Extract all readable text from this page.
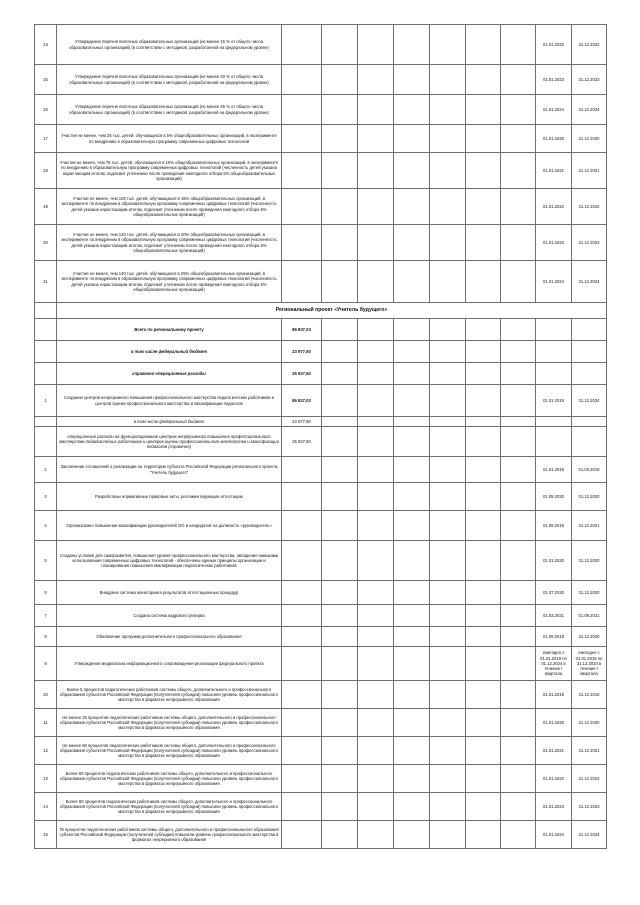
14	Утверждение перечня пилотных образовательных организаций (не менее 15 % от общего числа образовательных организаций) (в соответствии с методикой, разработанной на федеральном уровне)								01.01.2022	31.12.2022
15	Утверждение перечня пилотных образовательных организаций (не менее 20 % от общего числа образовательных организаций) (в соответствии с методикой, разработанной на федеральном уровне)								01.01.2023	31.12.2023
16	Утверждение перечня пилотных образовательных организаций (не менее 25 % от общего числа образовательных организаций) (в соответствии с методикой, разработанной на федеральном уровне)								01.01.2024	31.12.2024
17	Участие не менее, чем 25 тыс. детей, обучающихся в 5% общеобразовательных организаций, в эксперименте по внедрению в образовательную программу современных цифровых технологий								01.01.2020	31.12.2020
18	Участие не менее, чем 75 тыс. детей, обучающихся в 10% общеобразовательных организаций, в эксперименте по внедрению в образовательную программу современных цифровых технологий (численность детей указана нарастающим итогом, подлежит уточнению после проведения ежегодного отбора 5% общеобразовательных организаций)								01.01.2021	31.12.2021
19	Участие не менее, чем 100 тыс. детей, обучающихся в 15% общеобразовательных организаций, в эксперименте по внедрению в образовательную программу современных цифровых технологий (численность детей указана нарастающим итогом, подлежит уточнению после проведения ежегодного отбора 5% общеобразовательных организаций)								01.01.2022	31.12.2022
20	Участие не менее, чем 120 тыс. детей, обучающихся в 20% общеобразовательных организаций, в эксперименте по внедрению в образовательную программу современных цифровых технологий (численность детей указана нарастающим итогом, подлежит уточнению после проведения ежегодного отбора 5% общеобразовательных организаций)								01.01.2023	31.12.2023
21	Участие не менее, чем 140 тыс. детей, обучающихся в 25% общеобразовательных организаций, в эксперименте по внедрению в образовательную программу современных цифровых технологий (численность детей указана нарастающим итогом, подлежит уточнению после проведения ежегодного отбора 5% общеобразовательных организаций)								01.01.2024	31.12.2024
.	Региональный проект «Учитель будущего»									
	Всего по региональному проекту	86 837,03								
	в том числе федеральный бюджет	23 977,60								
	справочно операционные расходы	35 927,60								
1	Создание центров непрерывного повышения профессионального мастерства педагогических работников и центров оценки профессионального мастерства и квалификации педагогов	86 837,03							01.01.2019	31.12.2024
	в том числе федеральный бюджет	23 977,60								
	операционные расходы на функционирование центров непрерывного повышения профессионального мастерства педагогических работников и центров оценки профессионального мастерства и квалификации педагогов (справочно)	35 927,60								
2	Заключение соглашений о реализации на территории субъекта Российской Федерации регионального проекта "Учитель будущего"								01.01.2019	01.03.2019
3	Разработаны нормативные правовые акты, регламентирующие аттестацию								01.05.2020	01.12.2020
4	Организовано повышение квалификации руководителей ОО и кандидатов на должность «руководитель»								01.09.2019	31.12.2021
5	Созданы условия для саморазвития, повышения уровня профессионального мастерства, овладения навыками использования современных цифровых технологий - обеспечены единые принципы организации и планирования повышения квалификации педагогических работников								01.01.2020	31.12.2020
6	Внедрена система мониторинга результатов аттестационных процедур								01.07.2020	31.12.2020
7	Создана система кадрового резерва								01.03.2021	01.09.2021
8	Обновление программ дополнительного профессионального образования								01.09.2019	31.12.2020
9	Утверждение медиаплана информационного сопровождения реализации федерального проекта								ежегодно с 01.01.2019 по 01.12.2024 в течение I квартала	ежегодно с 01.01.2019 по 31.12.2024 в течение I квартала
10	Более 5 процентов педагогических работников системы общего, дополнительного и профессионального образования субъектов Российской Федерации (получателей субсидии) повысили уровень профессионального мастерства в форматах непрерывного образования								01.01.2019	31.12.2019
11	Не менее 25 процентов педагогических работников системы общего, дополнительного и профессионального образования субъектов Российской Федерации (получателей субсидии) повысили уровень профессионального мастерства в форматах непрерывного образования								01.01.2020	31.12.2020
12	Не менее 50 процентов педагогических работников системы общего, дополнительного и профессионального образования субъектов Российской Федерации (получателей субсидии) повысили уровень профессионального мастерства в форматах непрерывного образования								01.01.2021	31.12.2021
13	Более 60 процентов педагогических работников системы общего, дополнительного и профессионального образования субъектов Российской Федерации (получателей субсидии) повысили уровень профессионального мастерства в форматах непрерывного образования								01.01.2022	31.12.2022
14	Более 60 процентов педагогических работников системы общего, дополнительного и профессионального образования субъектов Российской Федерации (получателей субсидии) повысили уровень профессионального мастерства в форматах непрерывного образования								01.01.2023	31.12.2023
15	75 процентов педагогических работников системы общего, дополнительного и профессионального образования субъектов Российской Федерации (получателей субсидии) повысили уровень профессионального мастерства в форматах непрерывного образования								01.01.2024	31.12.2024
